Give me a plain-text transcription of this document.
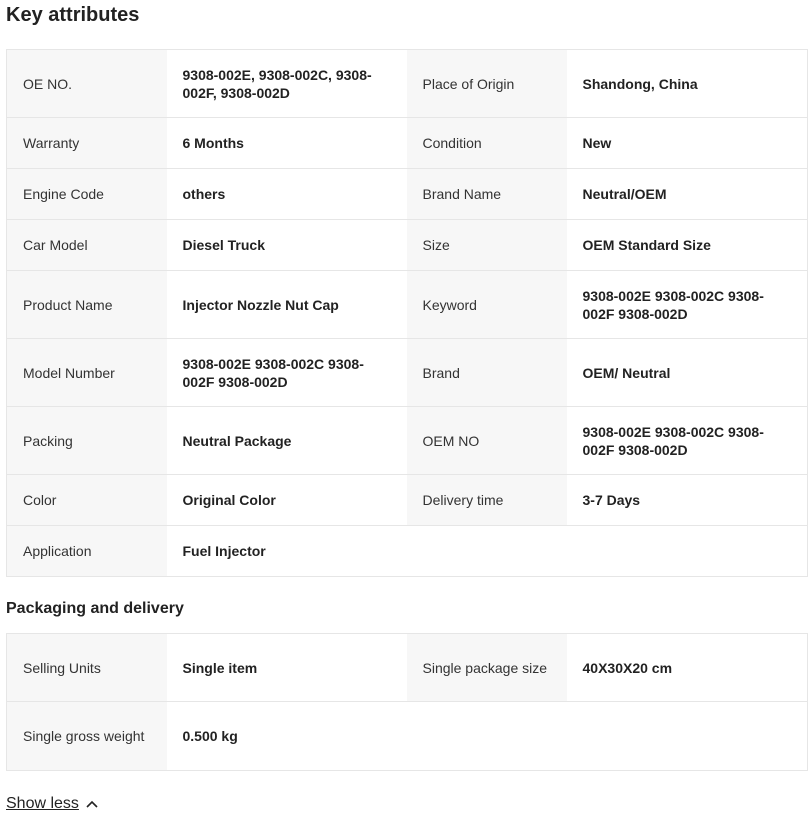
Key attributes
OE NO.	9308-002E, 9308-002C, 9308-002F, 9308-002D	Place of Origin	Shandong, China
Warranty	6 Months	Condition	New
Engine Code	others	Brand Name	Neutral/OEM
Car Model	Diesel Truck	Size	OEM Standard Size
Product Name	Injector Nozzle Nut Cap	Keyword	9308-002E 9308-002C 9308-002F 9308-002D
Model Number	9308-002E 9308-002C 9308-002F 9308-002D	Brand	OEM/ Neutral
Packing	Neutral Package	OEM NO	9308-002E 9308-002C 9308-002F 9308-002D
Color	Original Color	Delivery time	3-7 Days
Application	Fuel Injector		
Packaging and delivery
Selling Units	Single item	Single package size	40X30X20 cm
Single gross weight	0.500 kg		
Show less
